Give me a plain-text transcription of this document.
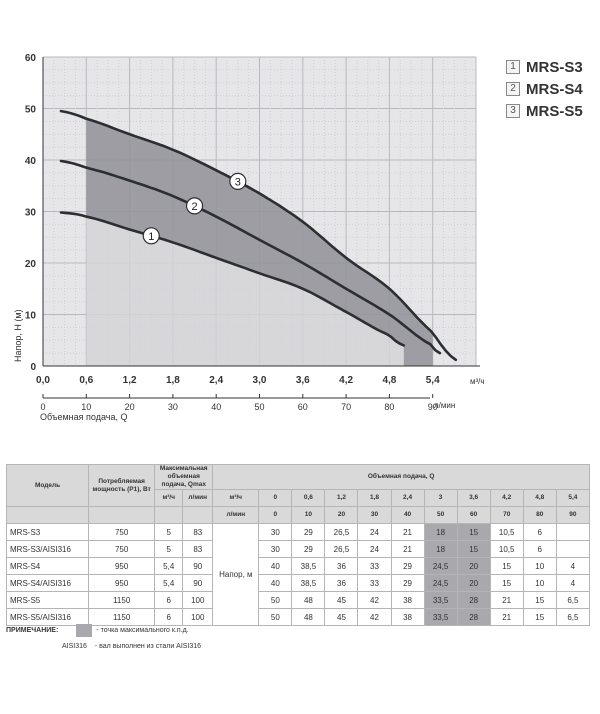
1
2
3
0
10
20
30
40
50
60
0,0
0
0,6
10
1,2
20
1,8
30
2,4
40
3,0
50
3,6
60
4,2
70
4,8
80
5,4
90
Напор, H (м)
м³/ч
л/мин
Объемная подача, Q
1 MRS-S3
2 MRS-S4
3 MRS-S5
Модель	Потребляемая мощность (Р1), Вт	Максимальная объемная подача, Qmax		Объемная подача, Q										
		м³/ч	л/мин	м³/ч	0	0,6	1,2	1,8	2,4	3	3,6	4,2	4,8	5,4
				л/мин	0	10	20	30	40	50	60	70	80	90
MRS-S3	750	5	83	Напор, м	30	29	26,5	24	21	18	15	10,5	6	
MRS-S3/AISI316	750	5	83		30	29	26,5	24	21	18	15	10,5	6	
MRS-S4	950	5,4	90		40	38,5	36	33	29	24,5	20	15	10	4
MRS-S4/AISI316	950	5,4	90		40	38,5	36	33	29	24,5	20	15	10	4
MRS-S5	1150	6	100		50	48	45	42	38	33,5	28	21	15	6,5
MRS-S5/AISI316	1150	6	100		50	48	45	42	38	33,5	28	21	15	6,5
ПРИМЕЧАНИЕ:	- точка максимального к.п.д.
AISI316 - вал выполнен из стали AISI316
